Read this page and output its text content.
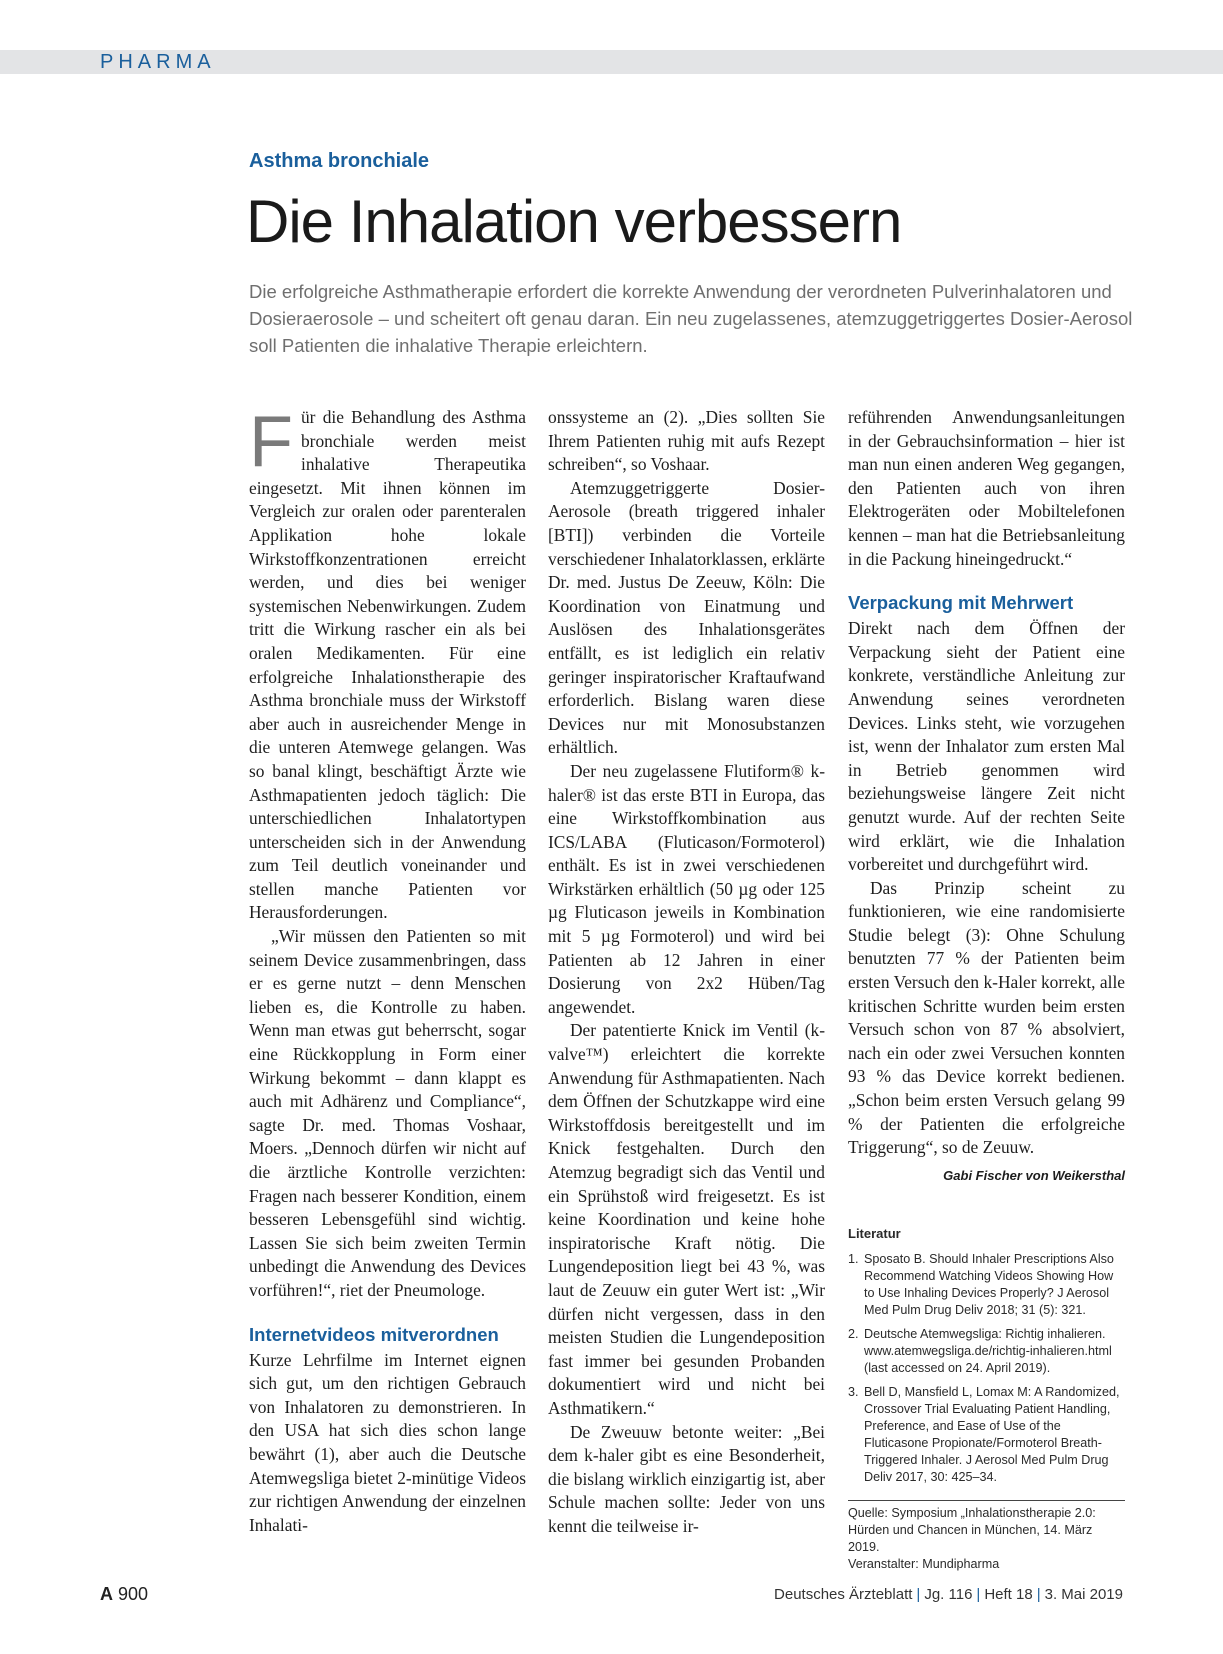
PHARMA
Asthma bronchiale
Die Inhalation verbessern

Die erfolgreiche Asthmatherapie erfordert die korrekte Anwendung der verordneten Pulverinhalatoren und Dosieraerosole – und scheitert oft genau daran. Ein neu zugelassenes, atemzuggetriggertes Dosier-Aerosol soll Patienten die inhalative Therapie erleichtern.

Für die Behandlung des Asthma bronchiale werden meist inhalative Therapeutika eingesetzt. Mit ihnen können im Vergleich zur oralen oder parenteralen Applikation hohe lokale Wirkstoffkonzentrationen erreicht werden, und dies bei weniger systemischen Nebenwirkungen. Zudem tritt die Wirkung rascher ein als bei oralen Medikamenten. Für eine erfolgreiche Inhalationstherapie des Asthma bronchiale muss der Wirkstoff aber auch in ausreichender Menge in die unteren Atemwege gelangen. Was so banal klingt, beschäftigt Ärzte wie Asthmapatienten jedoch täglich: Die unterschiedlichen Inhalatortypen unterscheiden sich in der Anwendung zum Teil deutlich voneinander und stellen manche Patienten vor Herausforderungen.

„Wir müssen den Patienten so mit seinem Device zusammenbringen, dass er es gerne nutzt – denn Menschen lieben es, die Kontrolle zu haben. Wenn man etwas gut beherrscht, sogar eine Rückkopplung in Form einer Wirkung bekommt – dann klappt es auch mit Adhärenz und Compliance“, sagte Dr. med. Thomas Voshaar, Moers. „Dennoch dürfen wir nicht auf die ärztliche Kontrolle verzichten: Fragen nach besserer Kondition, einem besseren Lebensgefühl sind wichtig. Lassen Sie sich beim zweiten Termin unbedingt die Anwendung des Devices vorführen!“, riet der Pneumologe.

Internetvideos mitverordnen

Kurze Lehrfilme im Internet eignen sich gut, um den richtigen Gebrauch von Inhalatoren zu demonstrieren. In den USA hat sich dies schon lange bewährt (1), aber auch die Deutsche Atemwegsliga bietet 2-minütige Videos zur richtigen Anwendung der einzelnen Inhalati-

onssysteme an (2). „Dies sollten Sie Ihrem Patienten ruhig mit aufs Rezept schreiben“, so Voshaar.

Atemzuggetriggerte Dosier-Aerosole (breath triggered inhaler [BTI]) verbinden die Vorteile verschiedener Inhalatorklassen, erklärte Dr. med. Justus De Zeeuw, Köln: Die Koordination von Einatmung und Auslösen des Inhalationsgerätes entfällt, es ist lediglich ein relativ geringer inspiratorischer Kraftaufwand erforderlich. Bislang waren diese Devices nur mit Monosubstanzen erhältlich.

Der neu zugelassene Flutiform® k-haler® ist das erste BTI in Europa, das eine Wirkstoffkombination aus ICS/LABA (Fluticason/Formoterol) enthält. Es ist in zwei verschiedenen Wirkstärken erhältlich (50 µg oder 125 µg Fluticason jeweils in Kombination mit 5 µg Formoterol) und wird bei Patienten ab 12 Jahren in einer Dosierung von 2x2 Hüben/Tag angewendet.

Der patentierte Knick im Ventil (k-valve™) erleichtert die korrekte Anwendung für Asthmapatienten. Nach dem Öffnen der Schutzkappe wird eine Wirkstoffdosis bereitgestellt und im Knick festgehalten. Durch den Atemzug begradigt sich das Ventil und ein Sprühstoß wird freigesetzt. Es ist keine Koordination und keine hohe inspiratorische Kraft nötig. Die Lungendeposition liegt bei 43 %, was laut de Zeuuw ein guter Wert ist: „Wir dürfen nicht vergessen, dass in den meisten Studien die Lungendeposition fast immer bei gesunden Probanden dokumentiert wird und nicht bei Asthmatikern.“

De Zweuuw betonte weiter: „Bei dem k-haler gibt es eine Besonderheit, die bislang wirklich einzigartig ist, aber Schule machen sollte: Jeder von uns kennt die teilweise ir-

reführenden Anwendungsanleitungen in der Gebrauchsinformation – hier ist man nun einen anderen Weg gegangen, den Patienten auch von ihren Elektrogeräten oder Mobiltelefonen kennen – man hat die Betriebsanleitung in die Packung hineingedruckt.“

Verpackung mit Mehrwert

Direkt nach dem Öffnen der Verpackung sieht der Patient eine konkrete, verständliche Anleitung zur Anwendung seines verordneten Devices. Links steht, wie vorzugehen ist, wenn der Inhalator zum ersten Mal in Betrieb genommen wird beziehungsweise längere Zeit nicht genutzt wurde. Auf der rechten Seite wird erklärt, wie die Inhalation vorbereitet und durchgeführt wird.

Das Prinzip scheint zu funktionieren, wie eine randomisierte Studie belegt (3): Ohne Schulung benutzten 77 % der Patienten beim ersten Versuch den k-Haler korrekt, alle kritischen Schritte wurden beim ersten Versuch schon von 87 % absolviert, nach ein oder zwei Versuchen konnten 93 % das Device korrekt bedienen. „Schon beim ersten Versuch gelang 99 % der Patienten die erfolgreiche Triggerung“, so de Zeuuw.
Gabi Fischer von Weikersthal

Literatur
1. Sposato B. Should Inhaler Prescriptions Also Recommend Watching Videos Showing How to Use Inhaling Devices Properly? J Aerosol Med Pulm Drug Deliv 2018; 31 (5): 321.
2. Deutsche Atemwegsliga: Richtig inhalieren. www.atemwegsliga.de/richtig-inhalieren.html (last accessed on 24. April 2019).
3. Bell D, Mansfield L, Lomax M: A Randomized, Crossover Trial Evaluating Patient Handling, Preference, and Ease of Use of the Fluticasone Propionate/Formoterol Breath-Triggered Inhaler. J Aerosol Med Pulm Drug Deliv 2017, 30: 425–34.
Quelle: Symposium „Inhalationstherapie 2.0:
Hürden und Chancen in München, 14. März 2019.
Veranstalter: Mundipharma
A 900	Deutsches Ärzteblatt | Jg. 116 | Heft 18 | 3. Mai 2019
